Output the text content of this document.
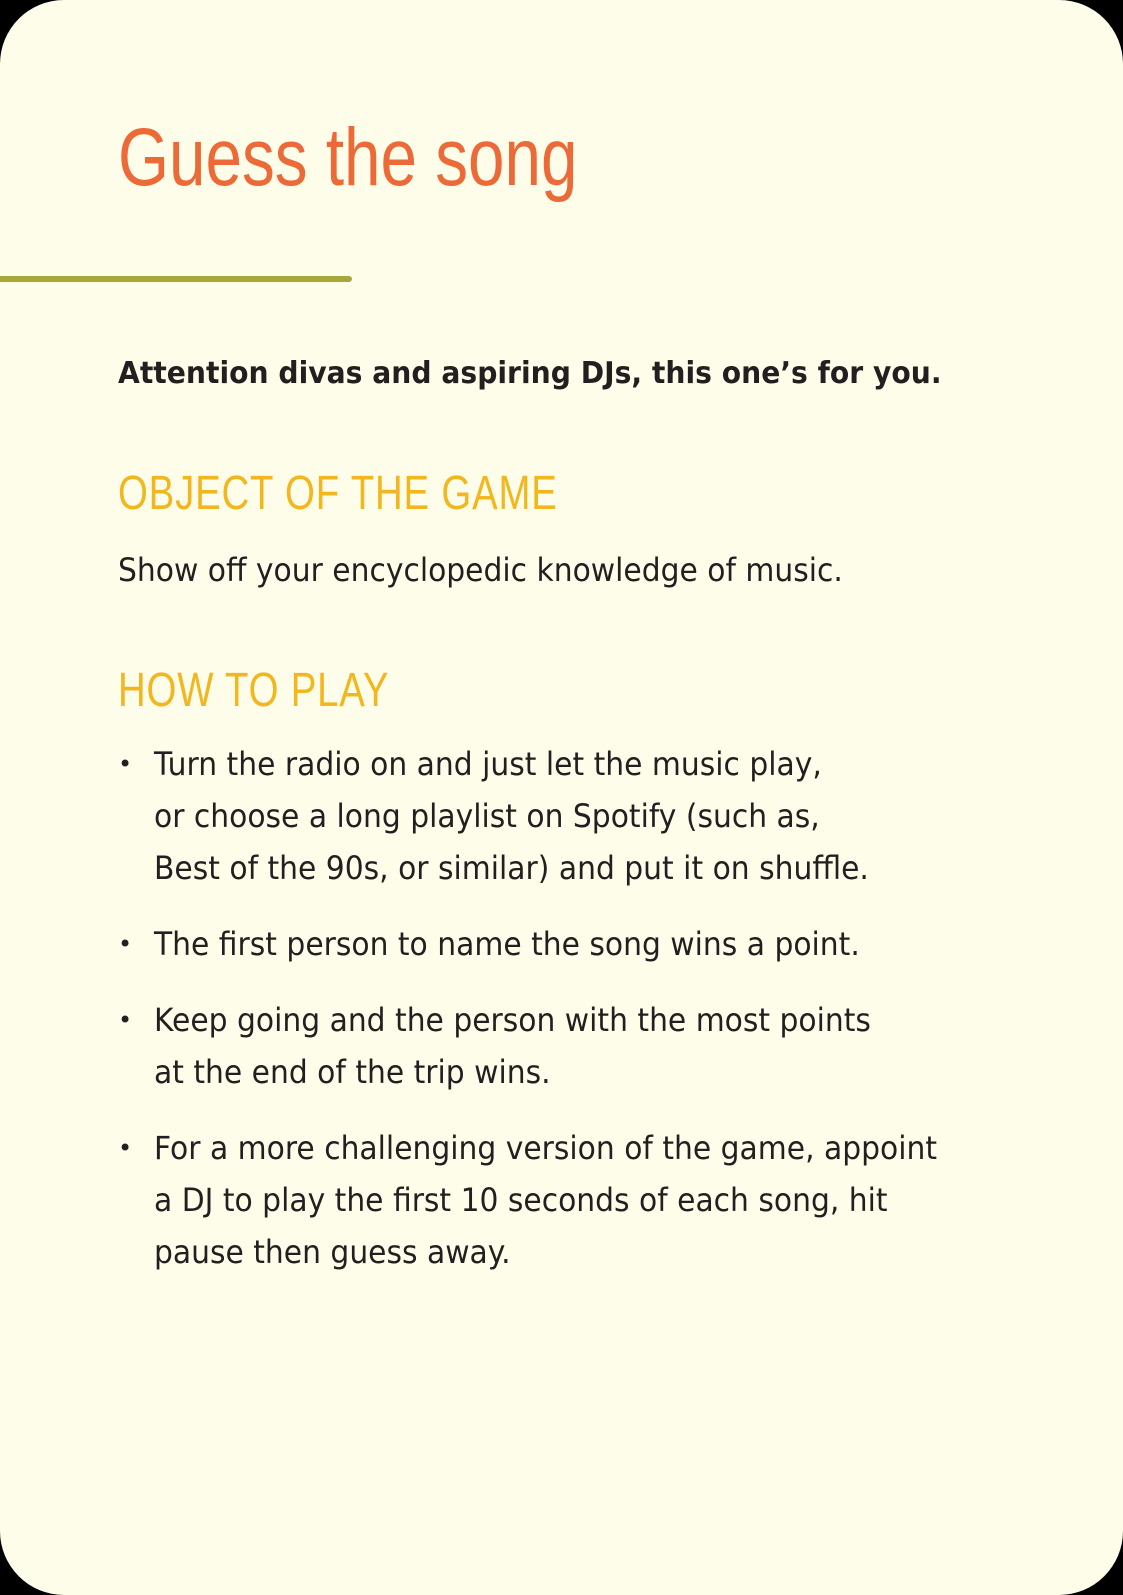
Guess the song

Attention divas and aspiring DJs, this one’s for you.

OBJECT OF THE GAME

Show off your encyclopedic knowledge of music.

HOW TO PLAY
• Turn the radio on and just let the music play,
or choose a long playlist on Spotify (such as,
Best of the 90s, or similar) and put it on shuffle.
• The first person to name the song wins a point.
• Keep going and the person with the most points
at the end of the trip wins.
• For a more challenging version of the game, appoint
a DJ to play the first 10 seconds of each song, hit
pause then guess away.
